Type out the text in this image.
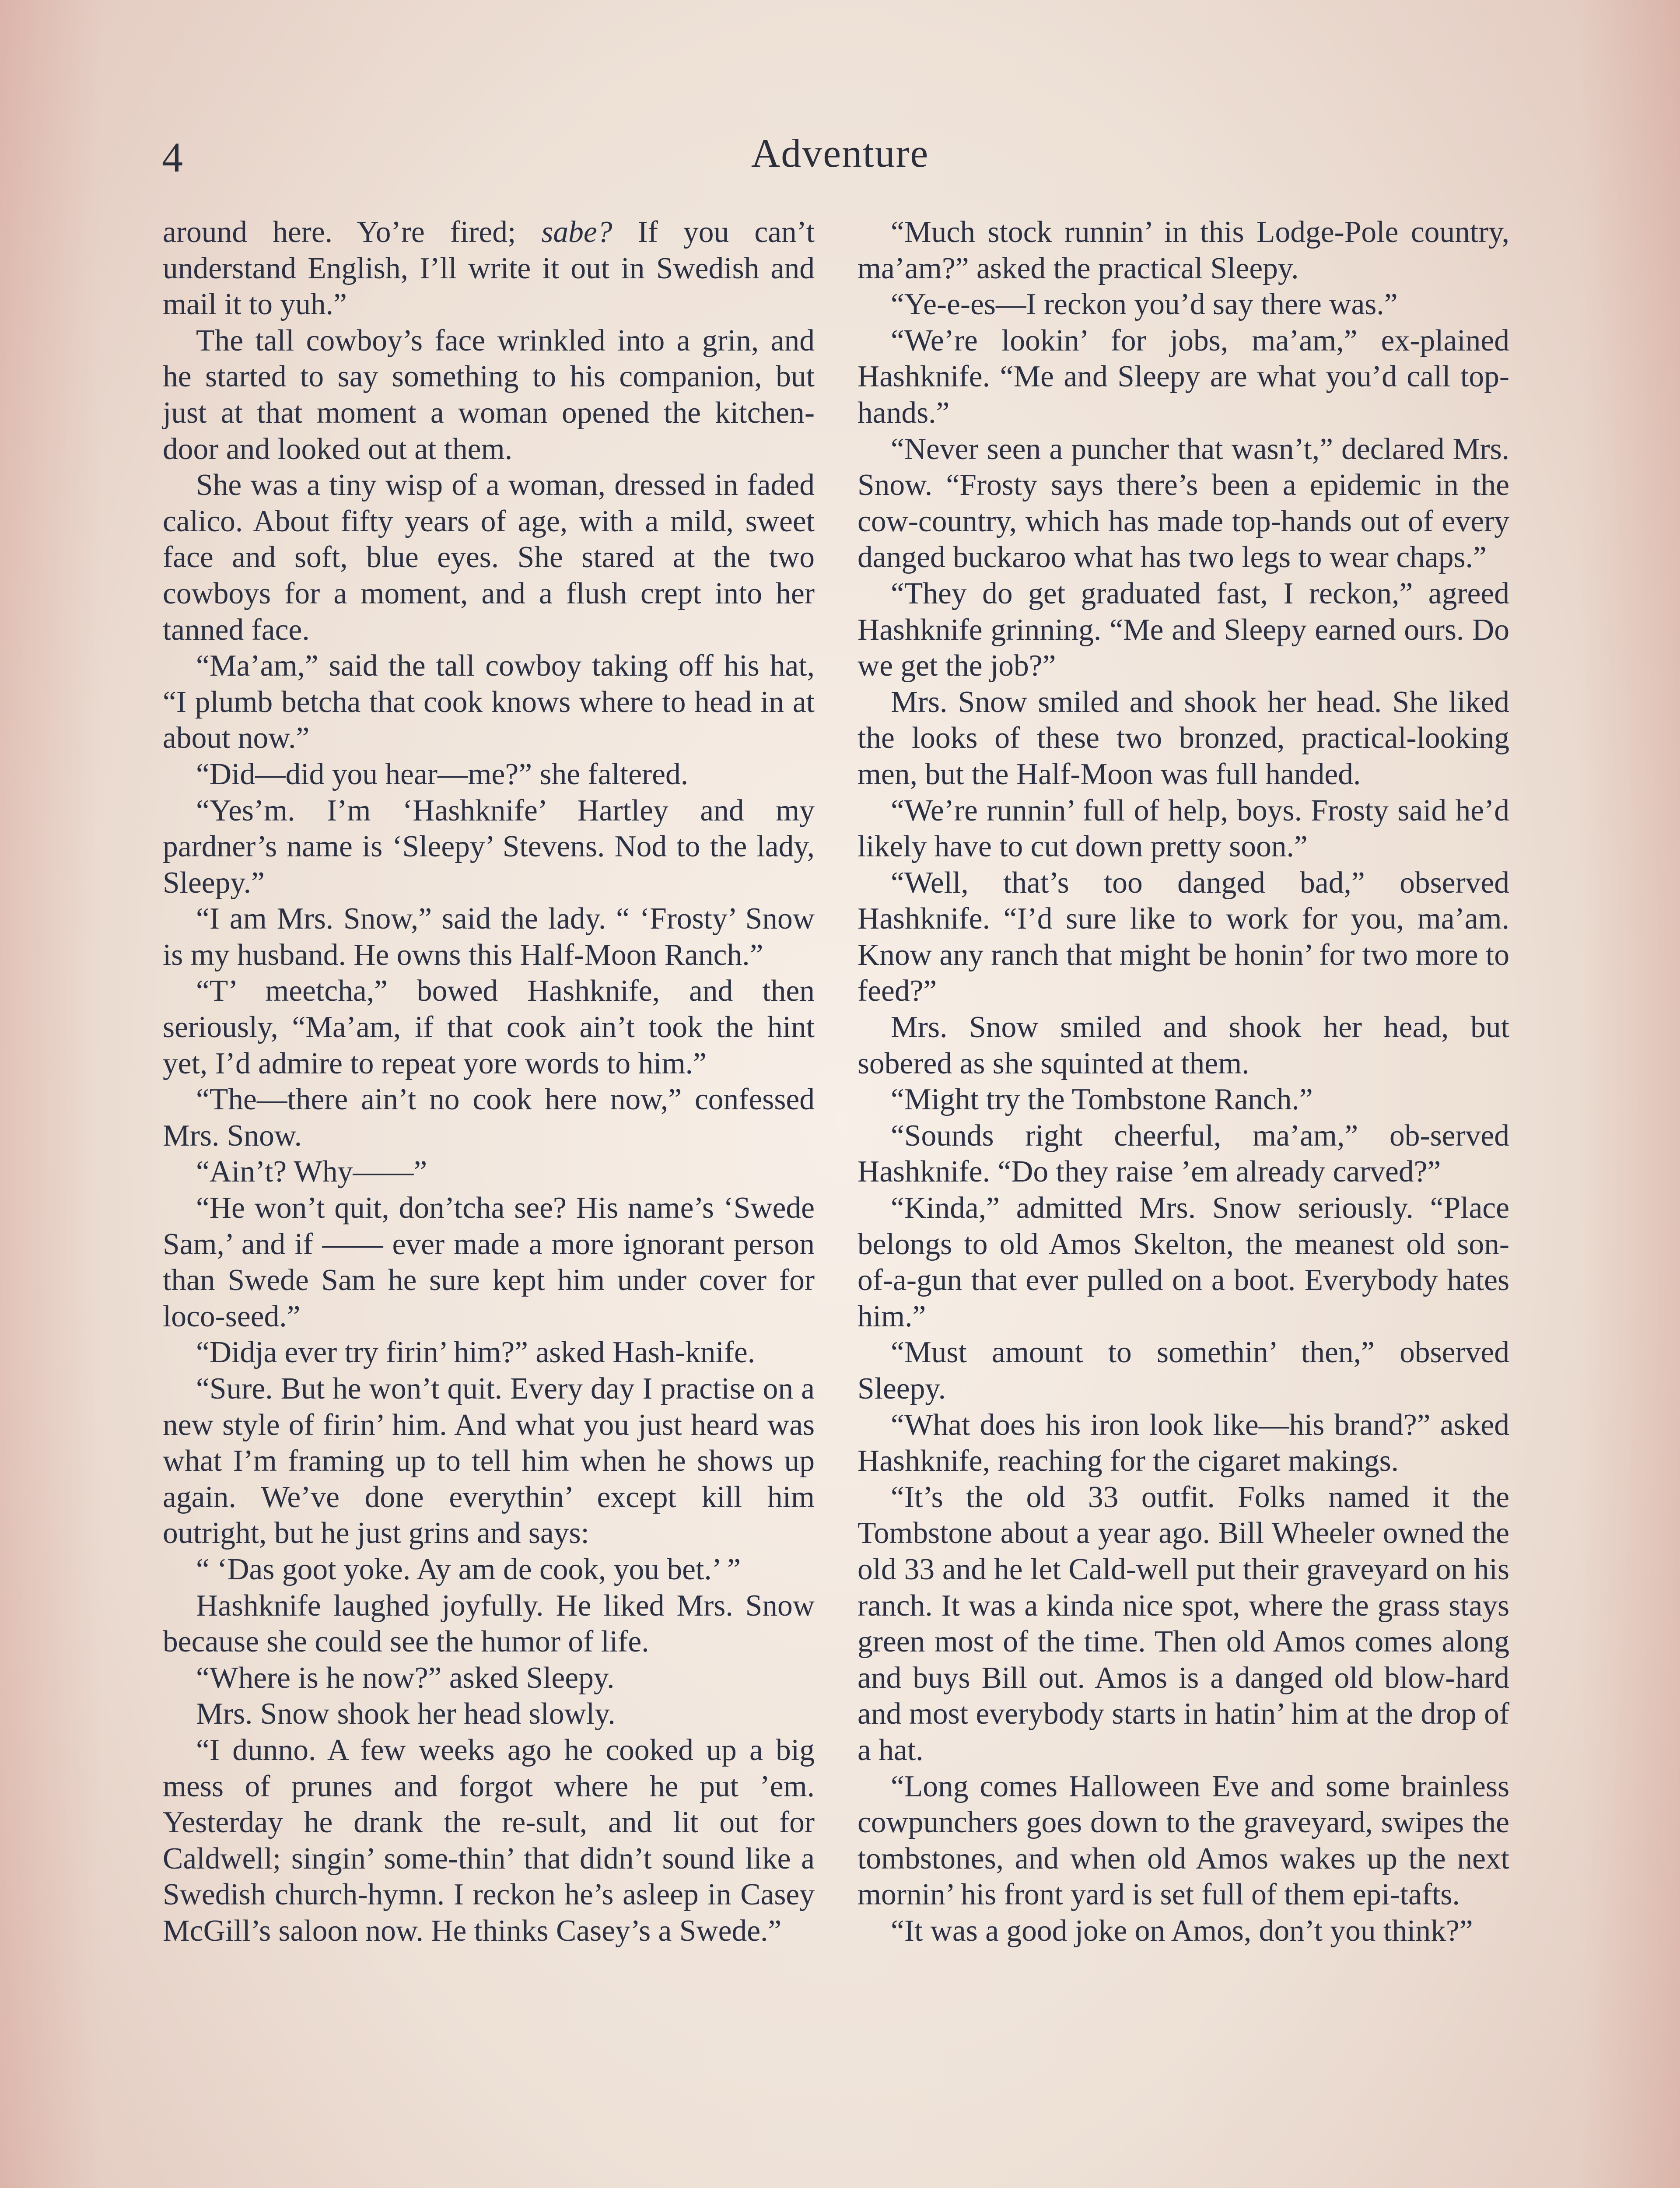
4	Adventure

around here. Yo’re fired; sabe? If you can’t understand English, I’ll write it out in Swedish and mail it to yuh.”

The tall cowboy’s face wrinkled into a grin, and he started to say something to his companion, but just at that moment a woman opened the kitchen-door and looked out at them.

She was a tiny wisp of a woman, dressed in faded calico. About fifty years of age, with a mild, sweet face and soft, blue eyes. She stared at the two cowboys for a moment, and a flush crept into her tanned face.

“Ma’am,” said the tall cowboy taking off his hat, “I plumb betcha that cook knows where to head in at about now.”

“Did—did you hear—me?” she faltered.

“Yes’m. I’m ‘Hashknife’ Hartley and my pardner’s name is ‘Sleepy’ Stevens. Nod to the lady, Sleepy.”

“I am Mrs. Snow,” said the lady. “ ‘Frosty’ Snow is my husband. He owns this Half-Moon Ranch.”

“T’ meetcha,” bowed Hashknife, and then seriously, “Ma’am, if that cook ain’t took the hint yet, I’d admire to repeat yore words to him.”

“The—there ain’t no cook here now,” confessed Mrs. Snow.

“Ain’t? Why——”

“He won’t quit, don’tcha see? His name’s ‘Swede Sam,’ and if —— ever made a more ignorant person than Swede Sam he sure kept him under cover for loco-seed.”

“Didja ever try firin’ him?” asked Hash-knife.

“Sure. But he won’t quit. Every day I practise on a new style of firin’ him. And what you just heard was what I’m framing up to tell him when he shows up again. We’ve done everythin’ except kill him outright, but he just grins and says:

“ ‘Das goot yoke. Ay am de cook, you bet.’ ”

Hashknife laughed joyfully. He liked Mrs. Snow because she could see the humor of life.

“Where is he now?” asked Sleepy.

Mrs. Snow shook her head slowly.

“I dunno. A few weeks ago he cooked up a big mess of prunes and forgot where he put ’em. Yesterday he drank the re-sult, and lit out for Caldwell; singin’ some-thin’ that didn’t sound like a Swedish church-hymn. I reckon he’s asleep in Casey McGill’s saloon now. He thinks Casey’s a Swede.”

“Much stock runnin’ in this Lodge-Pole country, ma’am?” asked the practical Sleepy.

“Ye-e-es—I reckon you’d say there was.”

“We’re lookin’ for jobs, ma’am,” ex-plained Hashknife. “Me and Sleepy are what you’d call top-hands.”

“Never seen a puncher that wasn’t,” declared Mrs. Snow. “Frosty says there’s been a epidemic in the cow-country, which has made top-hands out of every danged buckaroo what has two legs to wear chaps.”

“They do get graduated fast, I reckon,” agreed Hashknife grinning. “Me and Sleepy earned ours. Do we get the job?”

Mrs. Snow smiled and shook her head. She liked the looks of these two bronzed, practical-looking men, but the Half-Moon was full handed.

“We’re runnin’ full of help, boys. Frosty said he’d likely have to cut down pretty soon.”

“Well, that’s too danged bad,” observed Hashknife. “I’d sure like to work for you, ma’am. Know any ranch that might be honin’ for two more to feed?”

Mrs. Snow smiled and shook her head, but sobered as she squinted at them.

“Might try the Tombstone Ranch.”

“Sounds right cheerful, ma’am,” ob-served Hashknife. “Do they raise ’em already carved?”

“Kinda,” admitted Mrs. Snow seriously. “Place belongs to old Amos Skelton, the meanest old son-of-a-gun that ever pulled on a boot. Everybody hates him.”

“Must amount to somethin’ then,” observed Sleepy.

“What does his iron look like—his brand?” asked Hashknife, reaching for the cigaret makings.

“It’s the old 33 outfit. Folks named it the Tombstone about a year ago. Bill Wheeler owned the old 33 and he let Cald-well put their graveyard on his ranch. It was a kinda nice spot, where the grass stays green most of the time. Then old Amos comes along and buys Bill out. Amos is a danged old blow-hard and most everybody starts in hatin’ him at the drop of a hat.

“Long comes Halloween Eve and some brainless cowpunchers goes down to the graveyard, swipes the tombstones, and when old Amos wakes up the next mornin’ his front yard is set full of them epi-tafts.

“It was a good joke on Amos, don’t you think?”
